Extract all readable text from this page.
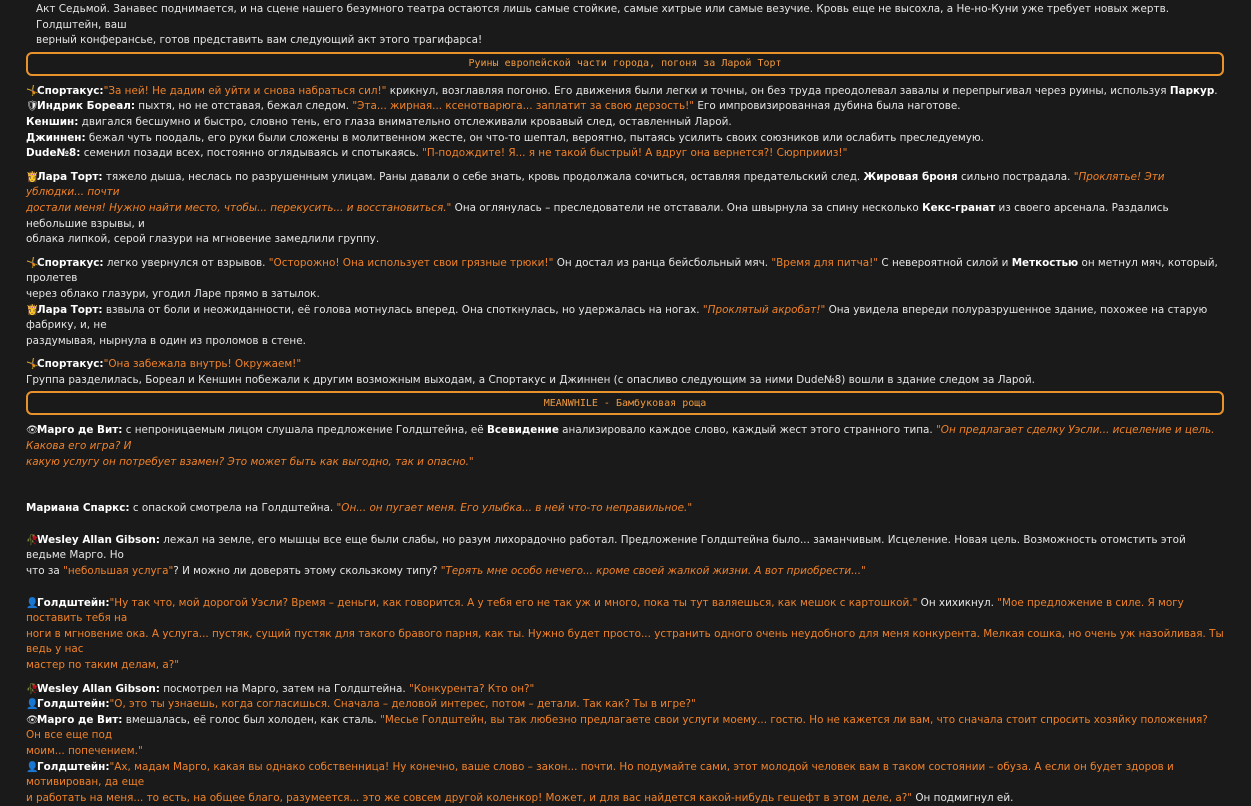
Акт Седьмой. Занавес поднимается, и на сцене нашего безумного театра остаются лишь самые стойкие, самые хитрые или самые везучие. Кровь еще не высохла, а Не-но-Куни уже требует новых жертв. Голдштейн, ваш

верный конферансье, готов представить вам следующий акт этого трагифарса!

Руины европейской части города, погоня за Ларой Торт

🤸Спортакус:"За ней! Не дадим ей уйти и снова набраться сил!" крикнул, возглавляя погоню. Его движения были легки и точны, он без труда преодолевал завалы и перепрыгивал через руины, используя Паркур.

🛡Индрик Бореал: пыхтя, но не отставая, бежал следом. "Эта... жирная... ксенотварюга... заплатит за свою дерзость!" Его импровизированная дубина была наготове.

Кеншин: двигался бесшумно и быстро, словно тень, его глаза внимательно отслеживали кровавый след, оставленный Ларой.

Джиннен: бежал чуть поодаль, его руки были сложены в молитвенном жесте, он что-то шептал, вероятно, пытаясь усилить своих союзников или ослабить преследуемую.

Dude№8: семенил позади всех, постоянно оглядываясь и спотыкаясь. "П-подождите! Я... я не такой быстрый! А вдруг она вернется?! Сюрприииз!"

👸Лара Торт: тяжело дыша, неслась по разрушенным улицам. Раны давали о себе знать, кровь продолжала сочиться, оставляя предательский след. Жировая броня сильно пострадала. "Проклятье! Эти ублюдки... почти

достали меня! Нужно найти место, чтобы... перекусить... и восстановиться." Она оглянулась – преследователи не отставали. Она швырнула за спину несколько Кекс-гранат из своего арсенала. Раздались небольшие взрывы, и

облака липкой, серой глазури на мгновение замедлили группу.

🤸Спортакус: легко увернулся от взрывов. "Осторожно! Она использует свои грязные трюки!" Он достал из ранца бейсбольный мяч. "Время для питча!" С невероятной силой и Меткостью он метнул мяч, который, пролетев

через облако глазури, угодил Ларе прямо в затылок.

👸Лара Торт: взвыла от боли и неожиданности, её голова мотнулась вперед. Она споткнулась, но удержалась на ногах. "Проклятый акробат!" Она увидела впереди полуразрушенное здание, похожее на старую фабрику, и, не

раздумывая, нырнула в один из проломов в стене.

🤸Спортакус:"Она забежала внутрь! Окружаем!"

Группа разделилась, Бореал и Кеншин побежали к другим возможным выходам, а Спортакус и Джиннен (с опасливо следующим за ними Dude№8) вошли в здание следом за Ларой.

MEANWHILE - Бамбуковая роща

👁Марго де Вит: с непроницаемым лицом слушала предложение Голдштейна, её Всевидение анализировало каждое слово, каждый жест этого странного типа. "Он предлагает сделку Уэсли... исцеление и цель. Какова его игра? И

какую услугу он потребует взамен? Это может быть как выгодно, так и опасно."

Мариана Спаркс: с опаской смотрела на Голдштейна. "Он... он пугает меня. Его улыбка... в ней что-то неправильное."

🥀Wesley Allan Gibson: лежал на земле, его мышцы все еще были слабы, но разум лихорадочно работал. Предложение Голдштейна было... заманчивым. Исцеление. Новая цель. Возможность отомстить этой ведьме Марго. Но

что за "небольшая услуга"? И можно ли доверять этому скользкому типу? "Терять мне особо нечего... кроме своей жалкой жизни. А вот приобрести..."

👤Голдштейн:"Ну так что, мой дорогой Уэсли? Время – деньги, как говорится. А у тебя его не так уж и много, пока ты тут валяешься, как мешок с картошкой." Он хихикнул. "Мое предложение в силе. Я могу поставить тебя на

ноги в мгновение ока. А услуга... пустяк, сущий пустяк для такого бравого парня, как ты. Нужно будет просто... устранить одного очень неудобного для меня конкурента. Мелкая сошка, но очень уж назойливая. Ты ведь у нас

мастер по таким делам, а?"

🥀Wesley Allan Gibson: посмотрел на Марго, затем на Голдштейна. "Конкурента? Кто он?"

👤Голдштейн:"О, это ты узнаешь, когда согласишься. Сначала – деловой интерес, потом – детали. Так как? Ты в игре?"

👁Марго де Вит: вмешалась, её голос был холоден, как сталь. "Месье Голдштейн, вы так любезно предлагаете свои услуги моему... гостю. Но не кажется ли вам, что сначала стоит спросить хозяйку положения? Он все еще под

моим... попечением."

👤Голдштейн:"Ах, мадам Марго, какая вы однако собственница! Ну конечно, ваше слово – закон... почти. Но подумайте сами, этот молодой человек вам в таком состоянии – обуза. А если он будет здоров и мотивирован, да еще

и работать на меня... то есть, на общее благо, разумеется... это же совсем другой коленкор! Может, и для вас найдется какой-нибудь гешефт в этом деле, а?" Он подмигнул ей.
